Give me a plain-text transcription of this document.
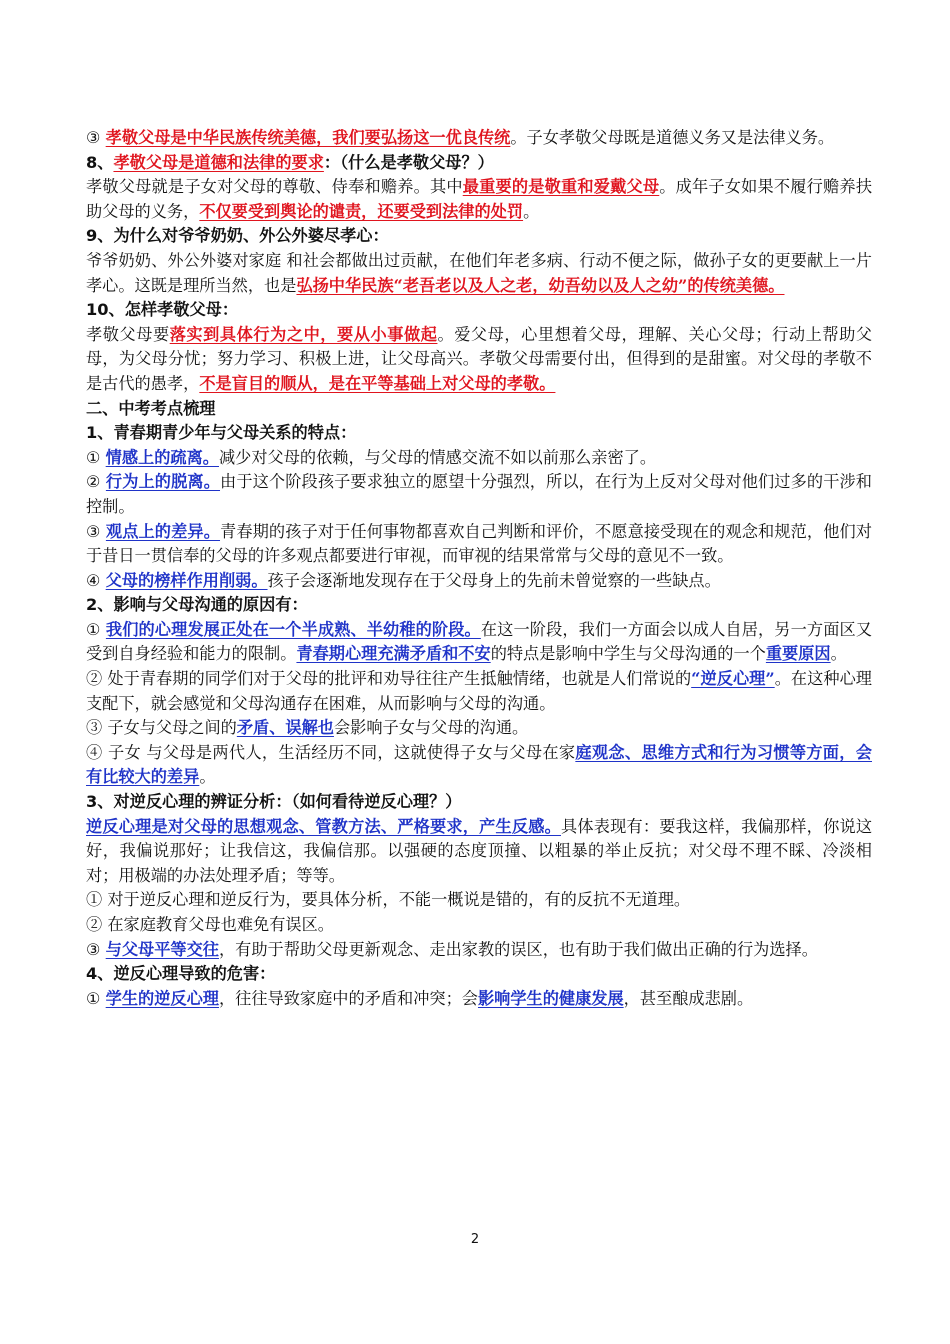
③ 孝敬父母是中华民族传统美德，我们要弘扬这一优良传统。子女孝敬父母既是道德义务又是法律义务。

8、孝敬父母是道德和法律的要求：（什么是孝敬父母？）

孝敬父母就是子女对父母的尊敬、侍奉和赡养。其中最重要的是敬重和爱戴父母。成年子女如果不履行赡养扶助父母的义务，不仅要受到舆论的谴责，还要受到法律的处罚。

9、为什么对爷爷奶奶、外公外婆尽孝心：

爷爷奶奶、外公外婆对家庭 和社会都做出过贡献，在他们年老多病、行动不便之际，做孙子女的更要献上一片孝心。这既是理所当然，也是弘扬中华民族“老吾老以及人之老，幼吾幼以及人之幼”的传统美德。

10、怎样孝敬父母：

孝敬父母要落实到具体行为之中，要从小事做起。爱父母，心里想着父母，理解、关心父母；行动上帮助父母，为父母分忧；努力学习、积极上进，让父母高兴。孝敬父母需要付出，但得到的是甜蜜。对父母的孝敬不是古代的愚孝，不是盲目的顺从，是在平等基础上对父母的孝敬。

二、中考考点梳理

1、青春期青少年与父母关系的特点：

① 情感上的疏离。减少对父母的依赖，与父母的情感交流不如以前那么亲密了。

② 行为上的脱离。由于这个阶段孩子要求独立的愿望十分强烈，所以，在行为上反对父母对他们过多的干涉和控制。

③ 观点上的差异。青春期的孩子对于任何事物都喜欢自己判断和评价，不愿意接受现在的观念和规范，他们对于昔日一贯信奉的父母的许多观点都要进行审视，而审视的结果常常与父母的意见不一致。

④ 父母的榜样作用削弱。孩子会逐渐地发现存在于父母身上的先前未曾觉察的一些缺点。

2、影响与父母沟通的原因有：

① 我们的心理发展正处在一个半成熟、半幼稚的阶段。在这一阶段，我们一方面会以成人自居，另一方面区又受到自身经验和能力的限制。青春期心理充满矛盾和不安的特点是影响中学生与父母沟通的一个重要原因。

② 处于青春期的同学们对于父母的批评和劝导往往产生抵触情绪，也就是人们常说的“逆反心理”。在这种心理支配下，就会感觉和父母沟通存在困难，从而影响与父母的沟通。

③ 子女与父母之间的矛盾、误解也会影响子女与父母的沟通。

④ 子女 与父母是两代人，生活经历不同，这就使得子女与父母在家庭观念、思维方式和行为习惯等方面，会有比较大的差异。

3、对逆反心理的辨证分析：（如何看待逆反心理？）

逆反心理是对父母的思想观念、管教方法、严格要求，产生反感。具体表现有：要我这样，我偏那样，你说这好，我偏说那好；让我信这，我偏信那。以强硬的态度顶撞、以粗暴的举止反抗；对父母不理不睬、冷淡相对；用极端的办法处理矛盾；等等。

① 对于逆反心理和逆反行为，要具体分析，不能一概说是错的，有的反抗不无道理。

② 在家庭教育父母也难免有误区。

③ 与父母平等交往，有助于帮助父母更新观念、走出家教的误区，也有助于我们做出正确的行为选择。

4、逆反心理导致的危害：

① 学生的逆反心理，往往导致家庭中的矛盾和冲突；会影响学生的健康发展，甚至酿成悲剧。

2
